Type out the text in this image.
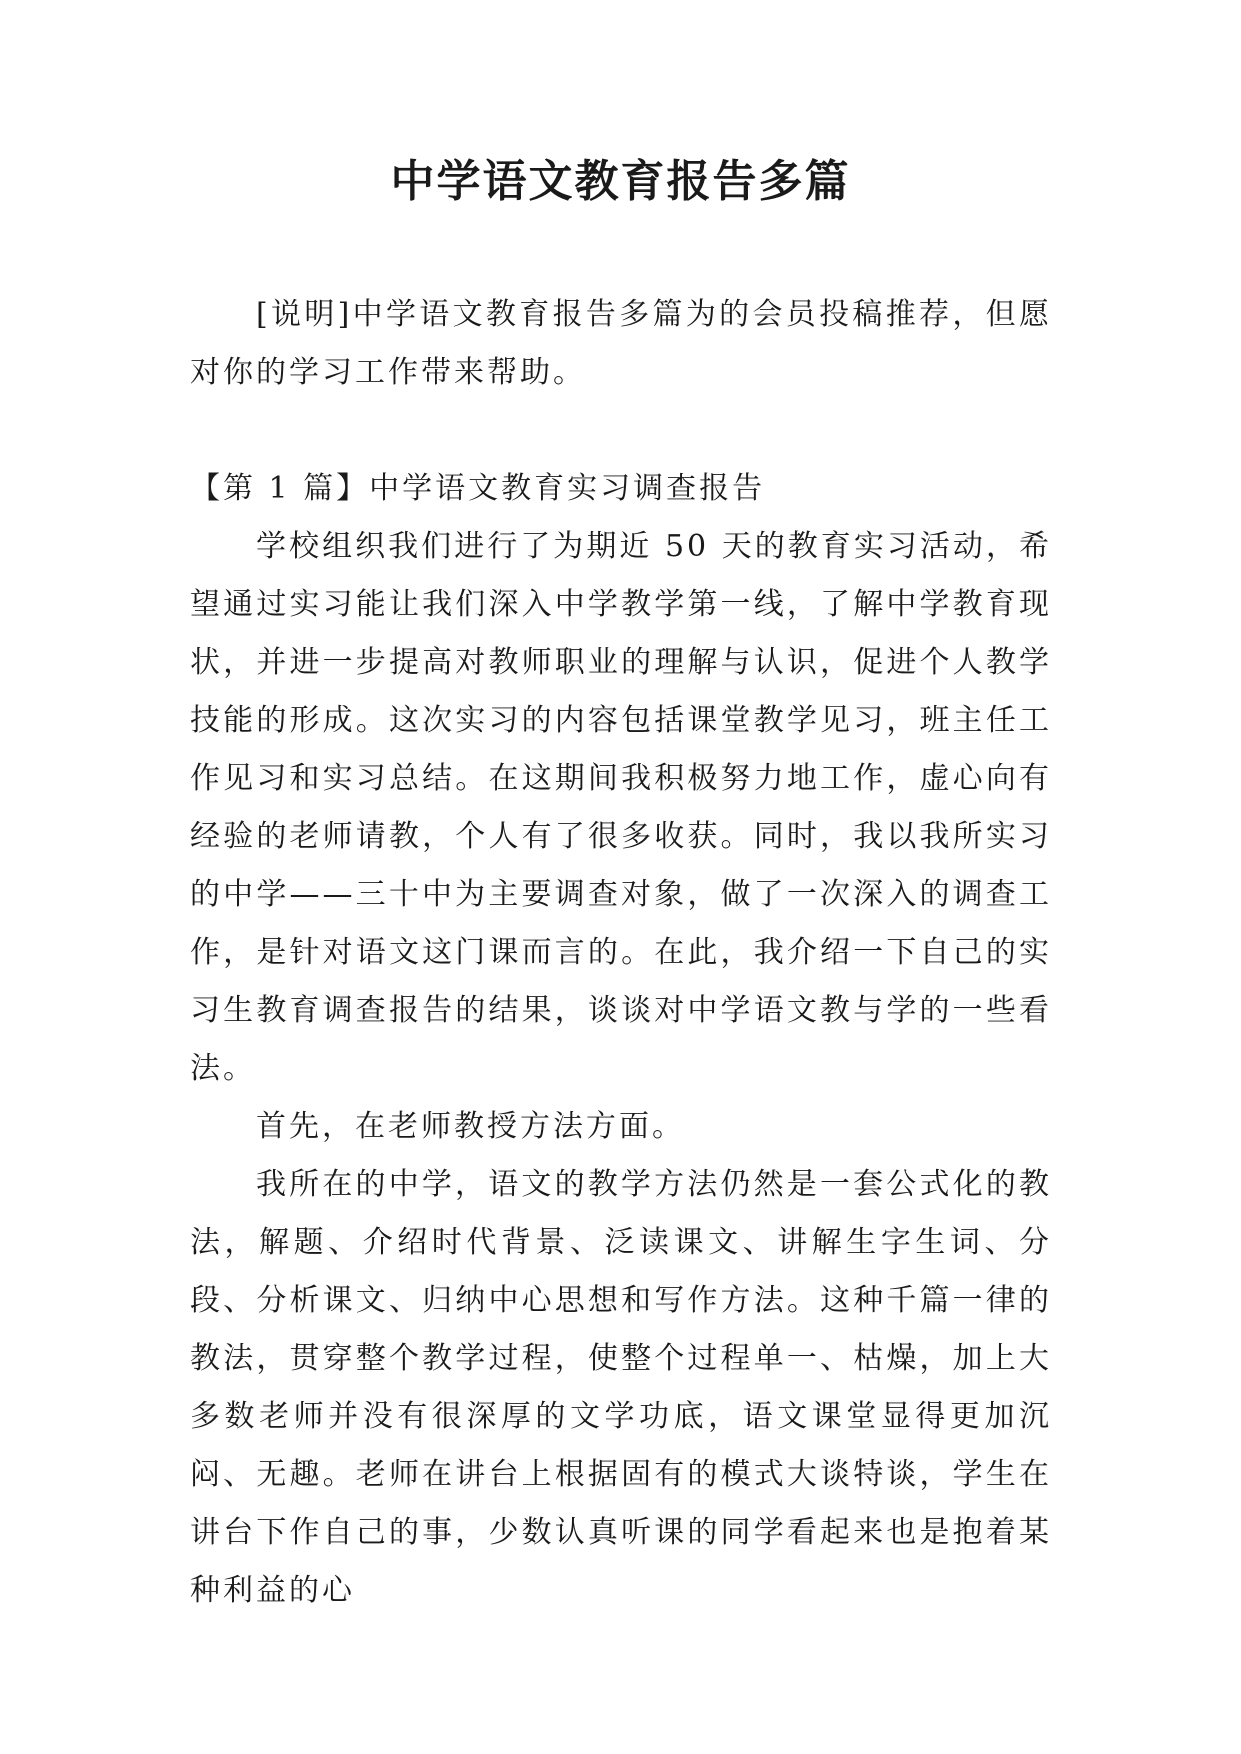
中学语文教育报告多篇

[说明]中学语文教育报告多篇为的会员投稿推荐，但愿对你的学习工作带来帮助。

【第 1 篇】中学语文教育实习调查报告

学校组织我们进行了为期近 50 天的教育实习活动，希望通过实习能让我们深入中学教学第一线，了解中学教育现状，并进一步提高对教师职业的理解与认识，促进个人教学技能的形成。这次实习的内容包括课堂教学见习，班主任工作见习和实习总结。在这期间我积极努力地工作，虚心向有经验的老师请教，个人有了很多收获。同时，我以我所实习的中学——三十中为主要调查对象，做了一次深入的调查工作，是针对语文这门课而言的。在此，我介绍一下自己的实习生教育调查报告的结果，谈谈对中学语文教与学的一些看法。

首先，在老师教授方法方面。

我所在的中学，语文的教学方法仍然是一套公式化的教法，解题、介绍时代背景、泛读课文、讲解生字生词、分段、分析课文、归纳中心思想和写作方法。这种千篇一律的教法，贯穿整个教学过程，使整个过程单一、枯燥，加上大多数老师并没有很深厚的文学功底，语文课堂显得更加沉闷、无趣。老师在讲台上根据固有的模式大谈特谈，学生在讲台下作自己的事，少数认真听课的同学看起来也是抱着某种利益的心
